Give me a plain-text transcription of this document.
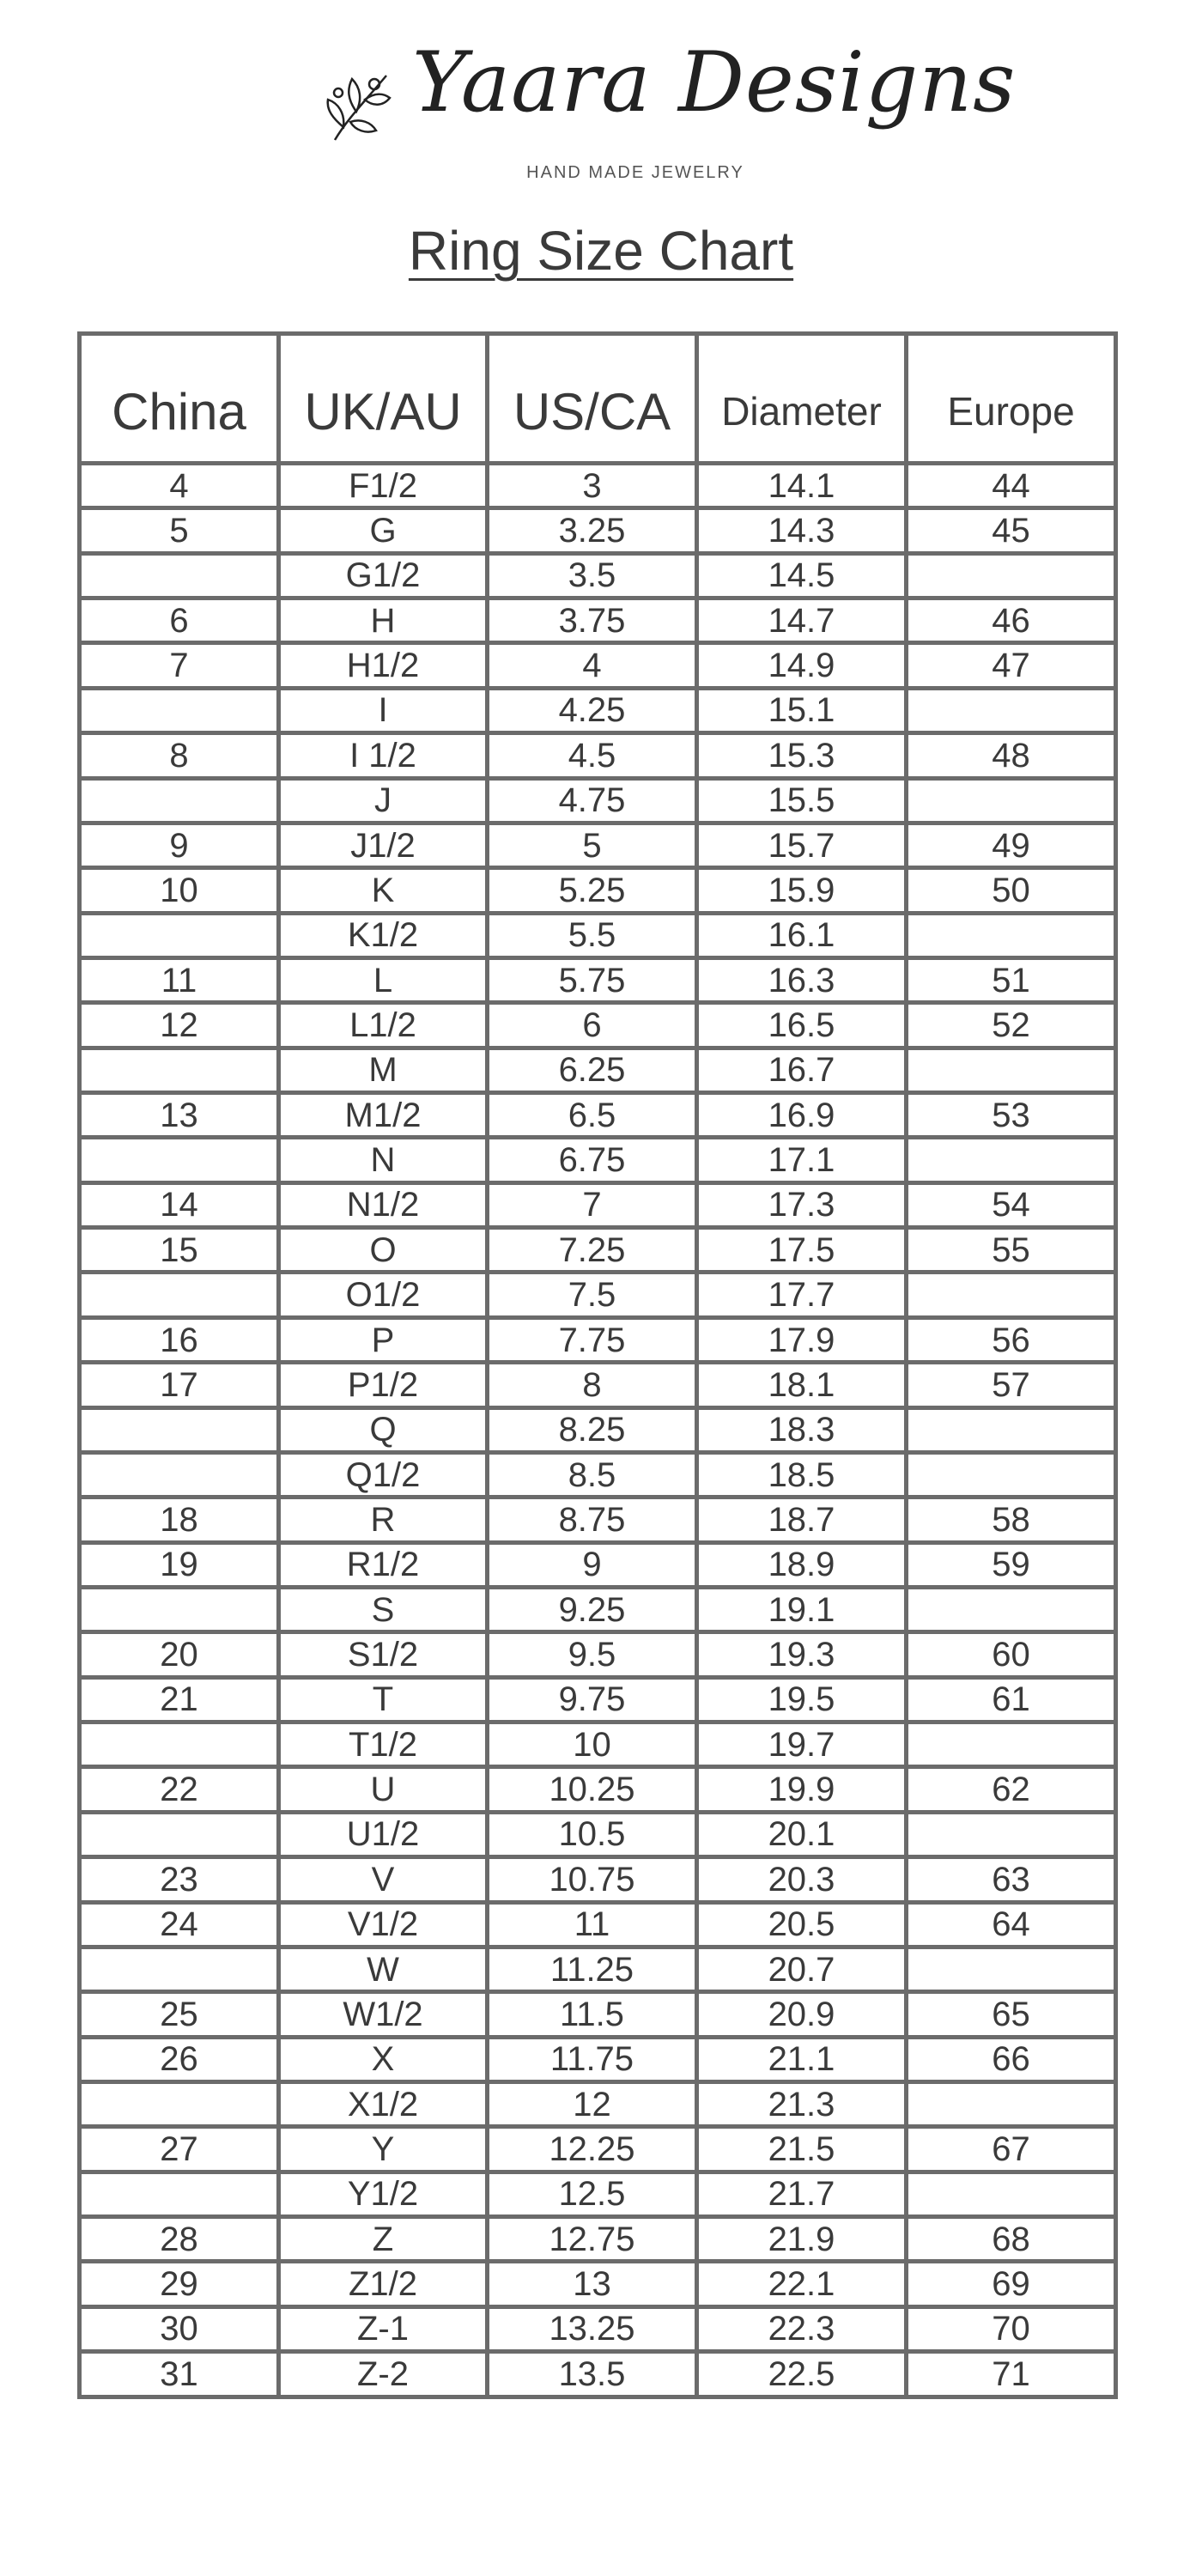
Yaara Designs
HAND MADE JEWELRY
Ring Size Chart
China	UK/AU	US/CA	Diameter	Europe
4	F1/2	3	14.1	44
5	G	3.25	14.3	45
	G1/2	3.5	14.5	
6	H	3.75	14.7	46
7	H1/2	4	14.9	47
	I	4.25	15.1	
8	I 1/2	4.5	15.3	48
	J	4.75	15.5	
9	J1/2	5	15.7	49
10	K	5.25	15.9	50
	K1/2	5.5	16.1	
11	L	5.75	16.3	51
12	L1/2	6	16.5	52
	M	6.25	16.7	
13	M1/2	6.5	16.9	53
	N	6.75	17.1	
14	N1/2	7	17.3	54
15	O	7.25	17.5	55
	O1/2	7.5	17.7	
16	P	7.75	17.9	56
17	P1/2	8	18.1	57
	Q	8.25	18.3	
	Q1/2	8.5	18.5	
18	R	8.75	18.7	58
19	R1/2	9	18.9	59
	S	9.25	19.1	
20	S1/2	9.5	19.3	60
21	T	9.75	19.5	61
	T1/2	10	19.7	
22	U	10.25	19.9	62
	U1/2	10.5	20.1	
23	V	10.75	20.3	63
24	V1/2	11	20.5	64
	W	11.25	20.7	
25	W1/2	11.5	20.9	65
26	X	11.75	21.1	66
	X1/2	12	21.3	
27	Y	12.25	21.5	67
	Y1/2	12.5	21.7	
28	Z	12.75	21.9	68
29	Z1/2	13	22.1	69
30	Z-1	13.25	22.3	70
31	Z-2	13.5	22.5	71
